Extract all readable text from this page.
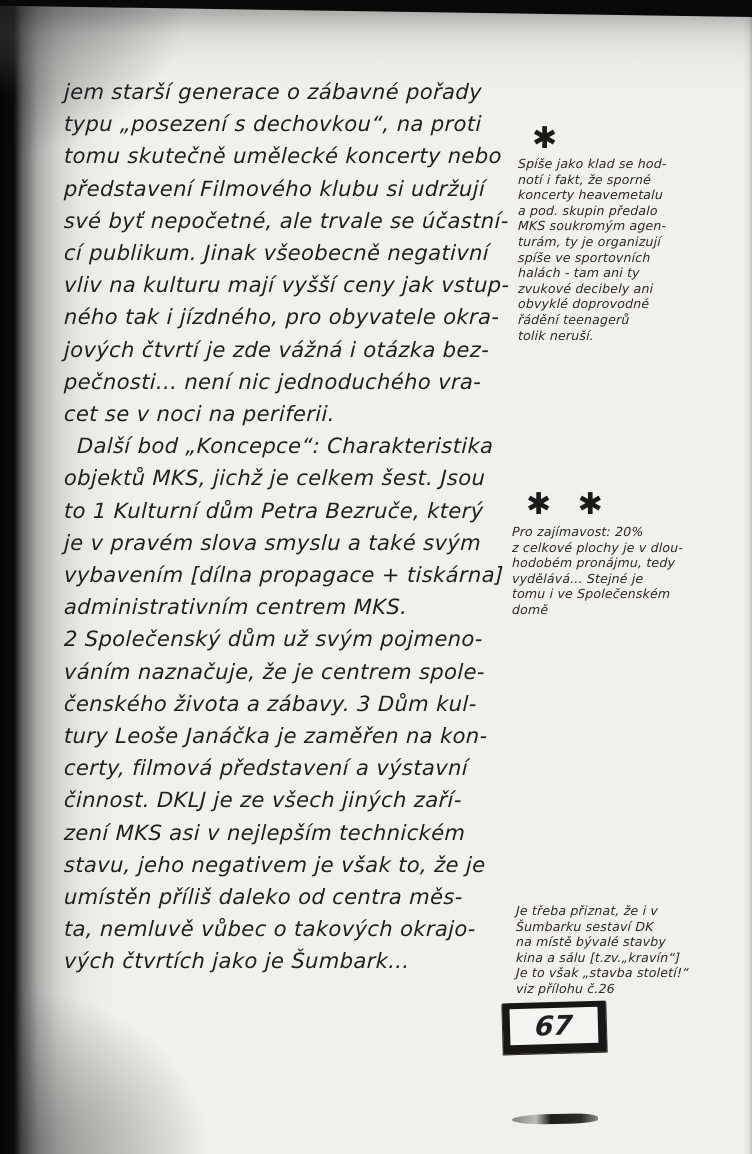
jem starší generace o zábavné pořady
typu „posezení s dechovkou“, na proti
tomu skutečně umělecké koncerty nebo
představení Filmového klubu si udržují
své byť nepočetné, ale trvale se účastní-
cí publikum. Jinak všeobecně negativní
vliv na kulturu mají vyšší ceny jak vstup-
ného tak i jízdného, pro obyvatele okra-
jových čtvrtí je zde vážná i otázka bez-
pečnosti... není nic jednoduchého vra-
cet se v noci na periferii.
Další bod „Koncepce“: Charakteristika
objektů MKS, jichž je celkem šest. Jsou
to 1 Kulturní dům Petra Bezruče, který
je v pravém slova smyslu a také svým
vybavením [dílna propagace + tiskárna]
administrativním centrem MKS.
2 Společenský dům už svým pojmeno-
váním naznačuje, že je centrem spole-
čenského života a zábavy. 3 Dům kul-
tury Leoše Janáčka je zaměřen na kon-
certy, filmová představení a výstavní
činnost. DKLJ je ze všech jiných zaří-
zení MKS asi v nejlepším technickém
stavu, jeho negativem je však to, že je
umístěn příliš daleko od centra měs-
ta, nemluvě vůbec o takových okrajo-
vých čtvrtích jako je Šumbark...
✱
Spíše jako klad se hod-
notí i fakt, že sporné
koncerty heavemetalu
a pod. skupin předalo
MKS soukromým agen-
turám, ty je organizují
spíše ve sportovních
halách - tam ani ty
zvukové decibely ani
obvyklé doprovodné
řádění teenagerů
tolik neruší.
✱ ✱
Pro zajímavost: 20%
z celkové plochy je v dlou-
hodobém pronájmu, tedy
vydělává... Stejné je
tomu i ve Společenském
domě
Je třeba přiznat, že i v
Šumbarku sestaví DK
na místě bývalé stavby
kina a sálu [t.zv.„kravín“]
Je to však „stavba století!“
viz přílohu č.26
67
